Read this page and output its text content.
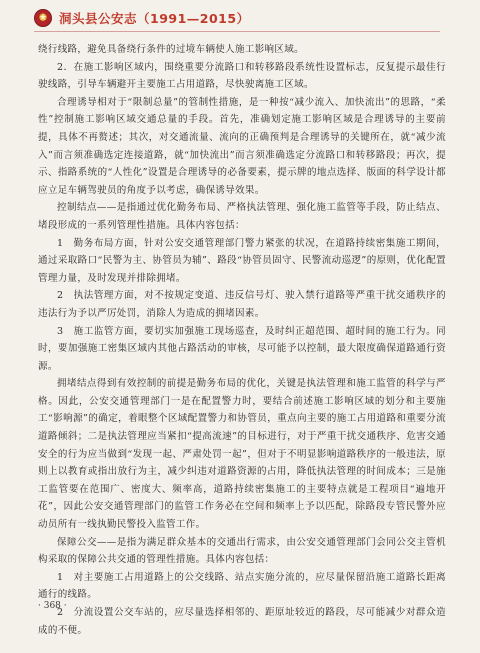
★ 洞头县公安志（1991—2015）

绕行线路，避免具备绕行条件的过境车辆使人施工影响区域。

2．在施工影响区域内，围绕重要分流路口和转移路段系统性设置标志，反复提示最佳行驶线路，引导车辆避开主要施工占用道路，尽快驶离施工区域。

合理诱导相对于“限制总量”的管制性措施，是一种按“减少流入、加快流出”的思路，“柔性”控制施工影响区域交通总量的手段。首先，准确划定施工影响区域是合理诱导的主要前提，具体不再赘述；其次，对交通流量、流向的正确预判是合理诱导的关键所在，就“减少流入”而言须准确选定连接道路，就“加快流出”而言须准确选定分流路口和转移路段；再次，提示、指路系统的“人性化”设置是合理诱导的必备要素，提示牌的地点选择、版面的科学设计都应立足车辆驾驶员的角度予以考虑，确保诱导效果。

控制结点——是指通过优化勤务布局、严格执法管理、强化施工监管等手段，防止结点、堵段形成的一系列管理性措施。具体内容包括：

1　勤务布局方面，针对公安交通管理部门警力紧张的状况，在道路持续密集施工期间，通过采取路口“民警为主、协管员为辅”、路段“协管员固守、民警流动巡逻”的原则，优化配置管理力量，及时发现并排除拥堵。

2　执法管理方面，对不按规定变道、违反信号灯、驶入禁行道路等严重干扰交通秩序的违法行为予以严厉处罚，消除人为造成的拥堵因素。

3　施工监管方面，要切实加强施工现场巡查，及时纠正超范围、超时间的施工行为。同时，要加强施工密集区域内其他占路活动的审核，尽可能予以控制，最大限度确保道路通行资源。

拥堵结点得到有效控制的前提是勤务布局的优化，关键是执法管理和施工监管的科学与严格。因此，公安交通管理部门一是在配置警力时，要结合前述施工影响区域的划分和主要施工“影响源”的确定，着眼整个区域配置警力和协管员，重点向主要的施工占用道路和重要分流道路倾斜；二是执法管理应当紧扣“提高流速”的目标进行，对于严重干扰交通秩序、危害交通安全的行为应当做到“发现一起、严肃处罚一起”，但对于不明显影响道路秩序的一般违法，原则上以教育或指出放行为主，减少纠违对道路资源的占用，降低执法管理的时间成本；三是施工监管要在范围广、密度大、频率高，道路持续密集施工的主要特点就是工程项目“遍地开花”，因此公安交通管理部门的监管工作务必在空间和频率上予以匹配，除路段专管民警外应动员所有一线执勤民警投入监管工作。

保障公交——是指为满足群众基本的交通出行需求，由公安交通管理部门会同公交主管机构采取的保障公共交通的管理性措施。具体内容包括：

1　对主要施工占用道路上的公交线路、站点实施分流的，应尽量保留沿施工道路长距离通行的线路。

2　分流设置公交车站的，应尽量选择相邻的、距原址较近的路段，尽可能减少对群众造成的不便。

· 368 ·
